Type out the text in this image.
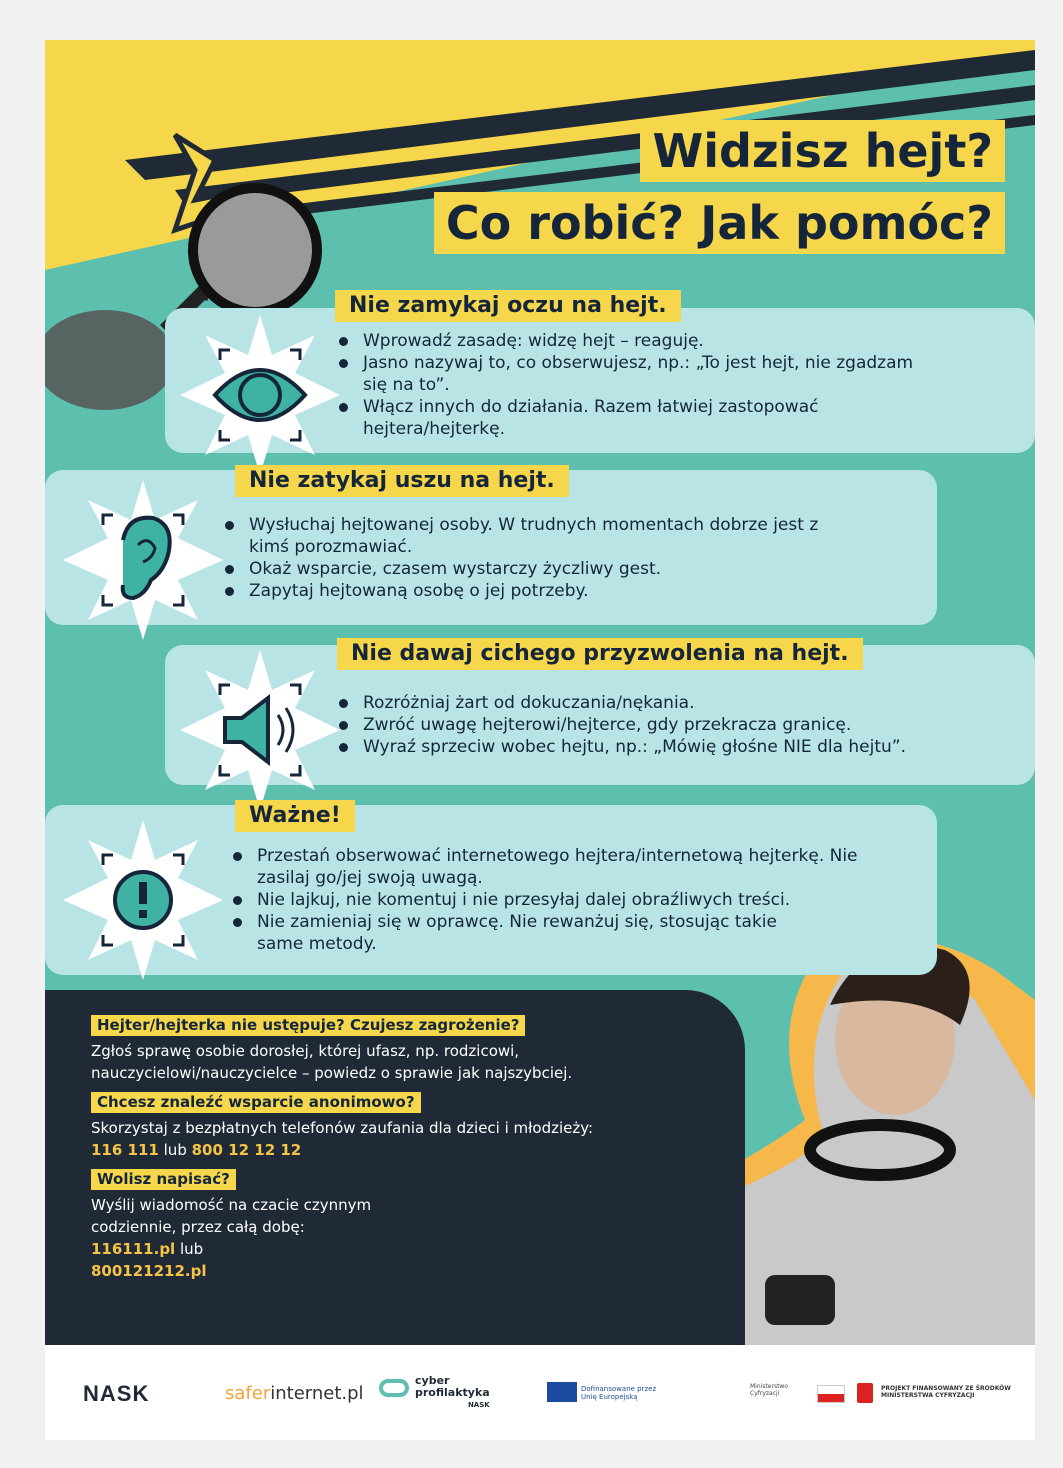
Widzisz hejt?
Co robić? Jak pomóc?
Nie zamykaj oczu na hejt.
Wprowadź zasadę: widzę hejt – reaguję.
Jasno nazywaj to, co obserwujesz, np.: „To jest hejt, nie zgadzam się na to”.
Włącz innych do działania. Razem łatwiej zastopować hejtera/hejterkę.
Nie zatykaj uszu na hejt.
Wysłuchaj hejtowanej osoby. W trudnych momentach dobrze jest z kimś porozmawiać.
Okaż wsparcie, czasem wystarczy życzliwy gest.
Zapytaj hejtowaną osobę o jej potrzeby.
Nie dawaj cichego przyzwolenia na hejt.
Rozróżniaj żart od dokuczania/nękania.
Zwróć uwagę hejterowi/hejterce, gdy przekracza granicę.
Wyraź sprzeciw wobec hejtu, np.: „Mówię głośne NIE dla hejtu”.
Ważne!
Przestań obserwować internetowego hejtera/internetową hejterkę. Nie zasilaj go/jej swoją uwagą.
Nie lajkuj, nie komentuj i nie przesyłaj dalej obraźliwych treści.
Nie zamieniaj się w oprawcę. Nie rewanżuj się, stosując takie same metody.
Hejter/hejterka nie ustępuje? Czujesz zagrożenie?

Zgłoś sprawę osobie dorosłej, której ufasz, np. rodzicowi, nauczycielowi/nauczycielce – powiedz o sprawie jak najszybciej.

Chcesz znaleźć wsparcie anonimowo?

Skorzystaj z bezpłatnych telefonów zaufania dla dzieci i młodzieży:

116 111 lub 800 12 12 12

Wolisz napisać?

Wyślij wiadomość na czacie czynnym codziennie, przez całą dobę:

116111.pl lub
800121212.pl

NASK	saferinternet.pl
cyber
profilaktyka
NASK
Dofinansowane przez
Unię Europejską
Ministerstwo
Cyfryzacji
PROJEKT FINANSOWANY ZE ŚRODKÓW
MINISTERSTWA CYFRYZACJI
